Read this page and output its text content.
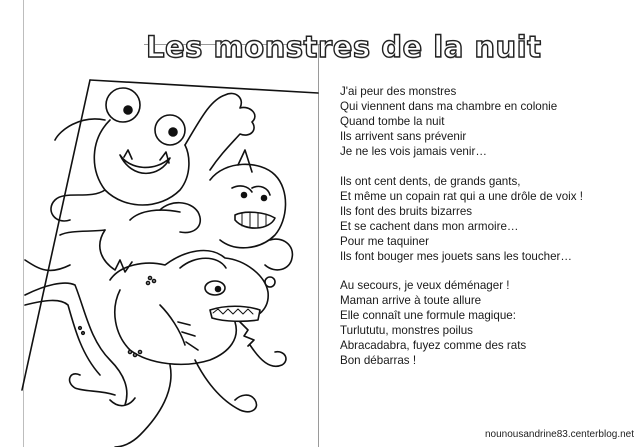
Les monstres de la nuit
J'ai peur des monstres
Qui viennent dans ma chambre en colonie
Quand tombe la nuit
Ils arrivent sans prévenir
Je ne les vois jamais venir…
Ils ont cent dents, de grands gants,
Et même un copain rat qui a une drôle de voix !
Ils font des bruits bizarres
Et se cachent dans mon armoire…
Pour me taquiner
Ils font bouger mes jouets sans les toucher…
Au secours, je veux déménager !
Maman arrive à toute allure
Elle connaît une formule magique:
Turlututu, monstres poilus
Abracadabra, fuyez comme des rats
Bon débarras !
nounousandrine83.centerblog.net
